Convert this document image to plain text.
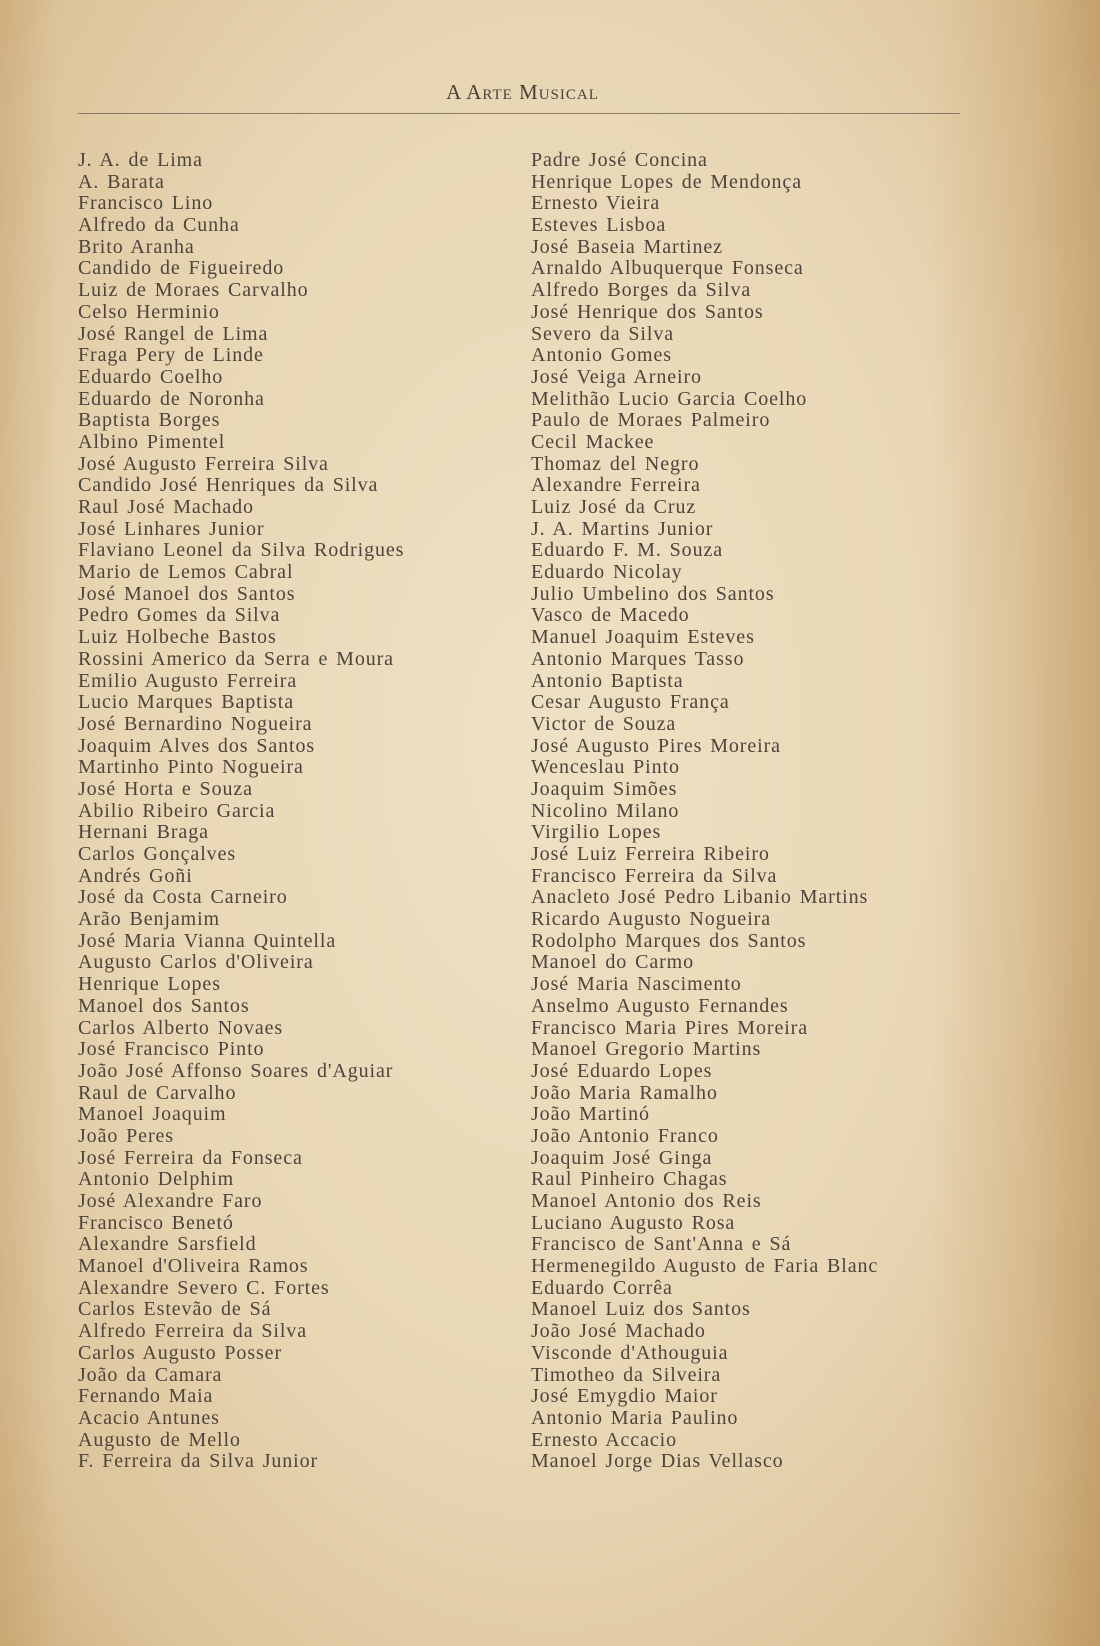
A Arte Musical
J. A. de Lima
A. Barata
Francisco Lino
Alfredo da Cunha
Brito Aranha
Candido de Figueiredo
Luiz de Moraes Carvalho
Celso Herminio
José Rangel de Lima
Fraga Pery de Linde
Eduardo Coelho
Eduardo de Noronha
Baptista Borges
Albino Pimentel
José Augusto Ferreira Silva
Candido José Henriques da Silva
Raul José Machado
José Linhares Junior
Flaviano Leonel da Silva Rodrigues
Mario de Lemos Cabral
José Manoel dos Santos
Pedro Gomes da Silva
Luiz Holbeche Bastos
Rossini Americo da Serra e Moura
Emilio Augusto Ferreira
Lucio Marques Baptista
José Bernardino Nogueira
Joaquim Alves dos Santos
Martinho Pinto Nogueira
José Horta e Souza
Abilio Ribeiro Garcia
Hernani Braga
Carlos Gonçalves
Andrés Goñi
José da Costa Carneiro
Arão Benjamim
José Maria Vianna Quintella
Augusto Carlos d'Oliveira
Henrique Lopes
Manoel dos Santos
Carlos Alberto Novaes
José Francisco Pinto
João José Affonso Soares d'Aguiar
Raul de Carvalho
Manoel Joaquim
João Peres
José Ferreira da Fonseca
Antonio Delphim
José Alexandre Faro
Francisco Benetó
Alexandre Sarsfield
Manoel d'Oliveira Ramos
Alexandre Severo C. Fortes
Carlos Estevão de Sá
Alfredo Ferreira da Silva
Carlos Augusto Posser
João da Camara
Fernando Maia
Acacio Antunes
Augusto de Mello
F. Ferreira da Silva Junior
Padre José Concina
Henrique Lopes de Mendonça
Ernesto Vieira
Esteves Lisboa
José Baseia Martinez
Arnaldo Albuquerque Fonseca
Alfredo Borges da Silva
José Henrique dos Santos
Severo da Silva
Antonio Gomes
José Veiga Arneiro
Melithão Lucio Garcia Coelho
Paulo de Moraes Palmeiro
Cecil Mackee
Thomaz del Negro
Alexandre Ferreira
Luiz José da Cruz
J. A. Martins Junior
Eduardo F. M. Souza
Eduardo Nicolay
Julio Umbelino dos Santos
Vasco de Macedo
Manuel Joaquim Esteves
Antonio Marques Tasso
Antonio Baptista
Cesar Augusto França
Victor de Souza
José Augusto Pires Moreira
Wenceslau Pinto
Joaquim Simões
Nicolino Milano
Virgilio Lopes
José Luiz Ferreira Ribeiro
Francisco Ferreira da Silva
Anacleto José Pedro Libanio Martins
Ricardo Augusto Nogueira
Rodolpho Marques dos Santos
Manoel do Carmo
José Maria Nascimento
Anselmo Augusto Fernandes
Francisco Maria Pires Moreira
Manoel Gregorio Martins
José Eduardo Lopes
João Maria Ramalho
João Martinó
João Antonio Franco
Joaquim José Ginga
Raul Pinheiro Chagas
Manoel Antonio dos Reis
Luciano Augusto Rosa
Francisco de Sant'Anna e Sá
Hermenegildo Augusto de Faria Blanc
Eduardo Corrêa
Manoel Luiz dos Santos
João José Machado
Visconde d'Athouguia
Timotheo da Silveira
José Emygdio Maior
Antonio Maria Paulino
Ernesto Accacio
Manoel Jorge Dias Vellasco
